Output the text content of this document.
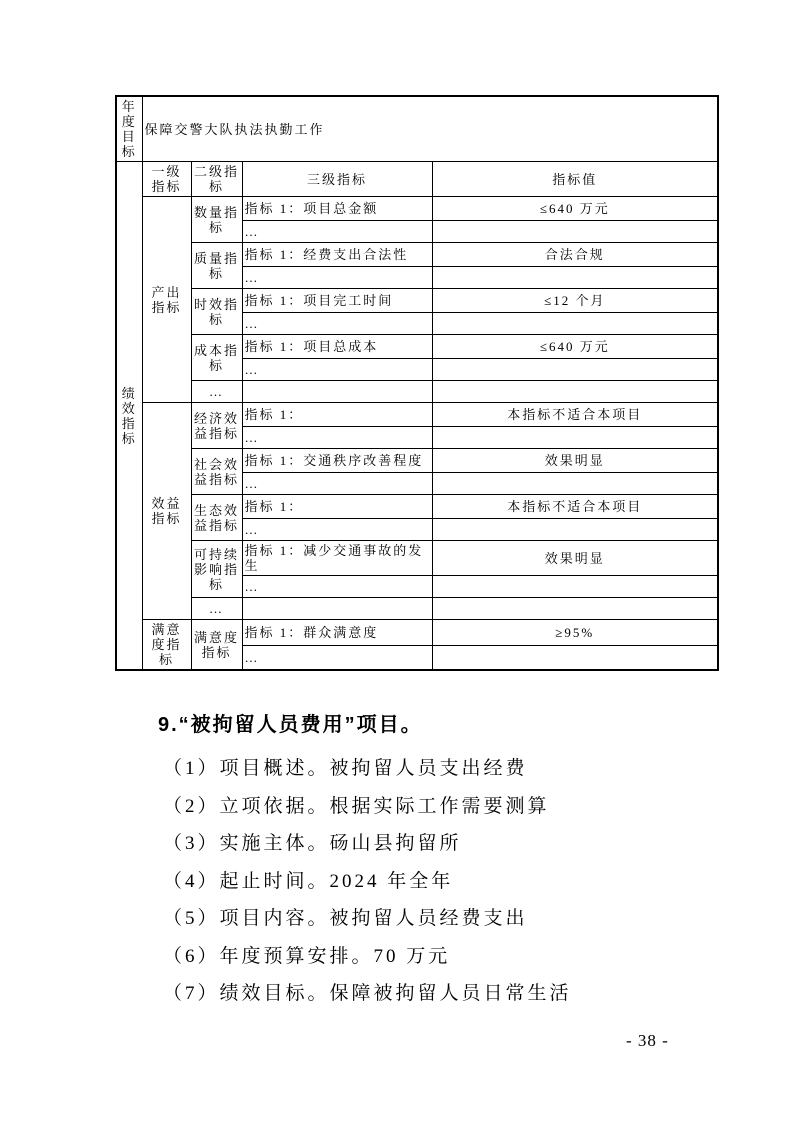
年度目标	保障交警大队执法执勤工作			
绩效指标	一级指标	二级指标	三级指标	指标值
	产出指标	数量指标	指标 1：项目总金额	≤640 万元
			…	
		质量指标	指标 1：经费支出合法性	合法合规
			…	
		时效指标	指标 1：项目完工时间	≤12 个月
			…	
		成本指标	指标 1：项目总成本	≤640 万元
			…	
		…		
	效益指标	经济效益指标	指标 1：	本指标不适合本项目
			…	
		社会效益指标	指标 1：交通秩序改善程度	效果明显
			…	
		生态效益指标	指标 1：	本指标不适合本项目
			…	
		可持续影响指标	指标 1：减少交通事故的发生	效果明显
			…	
		…		
	满意度指标	满意度指标	指标 1：群众满意度	≥95%
			…	
9.“被拘留人员费用”项目。
（1）项目概述。被拘留人员支出经费
（2）立项依据。根据实际工作需要测算
（3）实施主体。砀山县拘留所
（4）起止时间。2024 年全年
（5）项目内容。被拘留人员经费支出
（6）年度预算安排。70 万元
（7）绩效目标。保障被拘留人员日常生活
- 38 -
